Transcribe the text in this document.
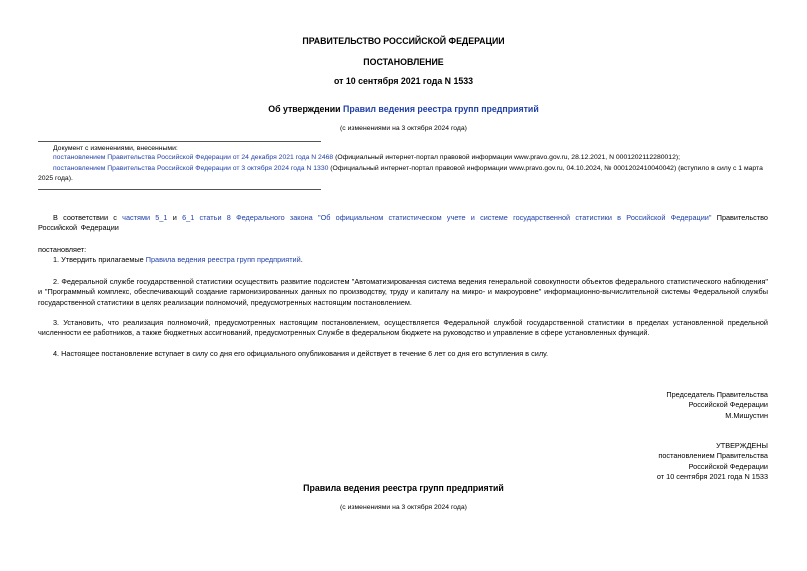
ПРАВИТЕЛЬСТВО РОССИЙСКОЙ ФЕДЕРАЦИИ
ПОСТАНОВЛЕНИЕ
от 10 сентября 2021 года N 1533
Об утверждении Правил ведения реестра групп предприятий
(с изменениями на 3 октября 2024 года)
Документ с изменениями, внесенными:
постановлением Правительства Российской Федерации от 24 декабря 2021 года N 2468 (Официальный интернет-портал правовой информации www.pravo.gov.ru, 28.12.2021, N 0001202112280012);
постановлением Правительства Российской Федерации от 3 октября 2024 года N 1330 (Официальный интернет-портал правовой информации www.pravo.gov.ru, 04.10.2024, № 0001202410040042) (вступило в силу с 1 марта 2025 года).
В соответствии с частями 5_1 и 6_1 статьи 8 Федерального закона "Об официальном статистическом учете и системе государственной статистики в Российской Федерации" Правительство Российской Федерации
постановляет:
1. Утвердить прилагаемые Правила ведения реестра групп предприятий.
2. Федеральной службе государственной статистики осуществить развитие подсистем "Автоматизированная система ведения генеральной совокупности объектов федерального статистического наблюдения" и "Программный комплекс, обеспечивающий создание гармонизированных данных по производству, труду и капиталу на микро- и макроуровне" информационно-вычислительной системы Федеральной службы государственной статистики в целях реализации полномочий, предусмотренных настоящим постановлением.
3. Установить, что реализация полномочий, предусмотренных настоящим постановлением, осуществляется Федеральной службой государственной статистики в пределах установленной предельной численности ее работников, а также бюджетных ассигнований, предусмотренных Службе в федеральном бюджете на руководство и управление в сфере установленных функций.
4. Настоящее постановление вступает в силу со дня его официального опубликования и действует в течение 6 лет со дня его вступления в силу.
Председатель Правительства
Российской Федерации
М.Мишустин
УТВЕРЖДЕНЫ
постановлением Правительства
Российской Федерации
от 10 сентября 2021 года N 1533
Правила ведения реестра групп предприятий
(с изменениями на 3 октября 2024 года)
